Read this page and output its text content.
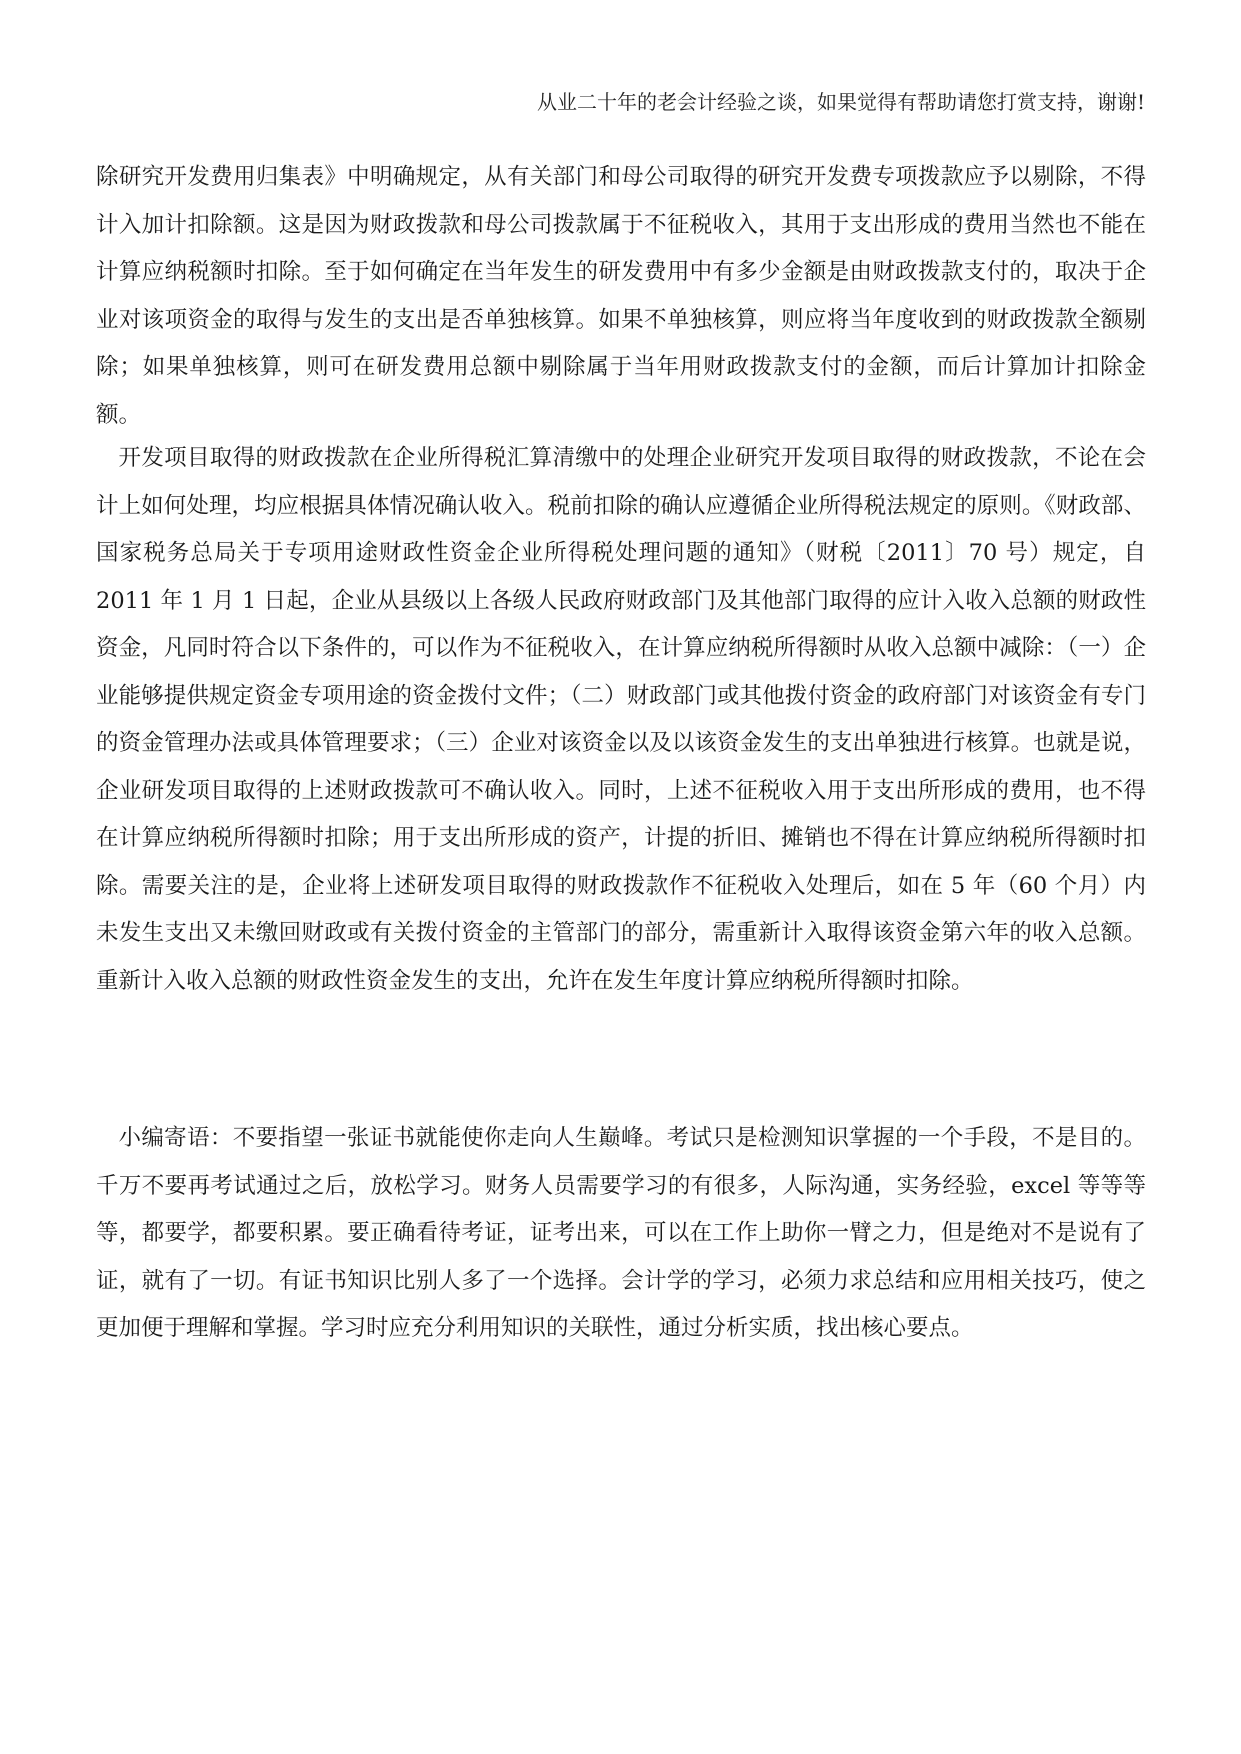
从业二十年的老会计经验之谈，如果觉得有帮助请您打赏支持，谢谢!

除研究开发费用归集表》中明确规定，从有关部门和母公司取得的研究开发费专项拨款应予以剔除，不得计入加计扣除额。这是因为财政拨款和母公司拨款属于不征税收入，其用于支出形成的费用当然也不能在计算应纳税额时扣除。至于如何确定在当年发生的研发费用中有多少金额是由财政拨款支付的，取决于企业对该项资金的取得与发生的支出是否单独核算。如果不单独核算，则应将当年度收到的财政拨款全额剔除；如果单独核算，则可在研发费用总额中剔除属于当年用财政拨款支付的金额，而后计算加计扣除金额。

开发项目取得的财政拨款在企业所得税汇算清缴中的处理企业研究开发项目取得的财政拨款，不论在会计上如何处理，均应根据具体情况确认收入。税前扣除的确认应遵循企业所得税法规定的原则。《财政部、国家税务总局关于专项用途财政性资金企业所得税处理问题的通知》（财税〔2011〕70 号）规定，自 2011 年 1 月 1 日起，企业从县级以上各级人民政府财政部门及其他部门取得的应计入收入总额的财政性资金，凡同时符合以下条件的，可以作为不征税收入，在计算应纳税所得额时从收入总额中减除：（一）企业能够提供规定资金专项用途的资金拨付文件；（二）财政部门或其他拨付资金的政府部门对该资金有专门的资金管理办法或具体管理要求；（三）企业对该资金以及以该资金发生的支出单独进行核算。也就是说，企业研发项目取得的上述财政拨款可不确认收入。同时，上述不征税收入用于支出所形成的费用，也不得在计算应纳税所得额时扣除；用于支出所形成的资产，计提的折旧、摊销也不得在计算应纳税所得额时扣除。需要关注的是，企业将上述研发项目取得的财政拨款作不征税收入处理后，如在 5 年（60 个月）内未发生支出又未缴回财政或有关拨付资金的主管部门的部分，需重新计入取得该资金第六年的收入总额。重新计入收入总额的财政性资金发生的支出，允许在发生年度计算应纳税所得额时扣除。

小编寄语：不要指望一张证书就能使你走向人生巅峰。考试只是检测知识掌握的一个手段，不是目的。千万不要再考试通过之后，放松学习。财务人员需要学习的有很多，人际沟通，实务经验，excel 等等等等，都要学，都要积累。要正确看待考证，证考出来，可以在工作上助你一臂之力，但是绝对不是说有了证，就有了一切。有证书知识比别人多了一个选择。会计学的学习，必须力求总结和应用相关技巧，使之更加便于理解和掌握。学习时应充分利用知识的关联性，通过分析实质，找出核心要点。
